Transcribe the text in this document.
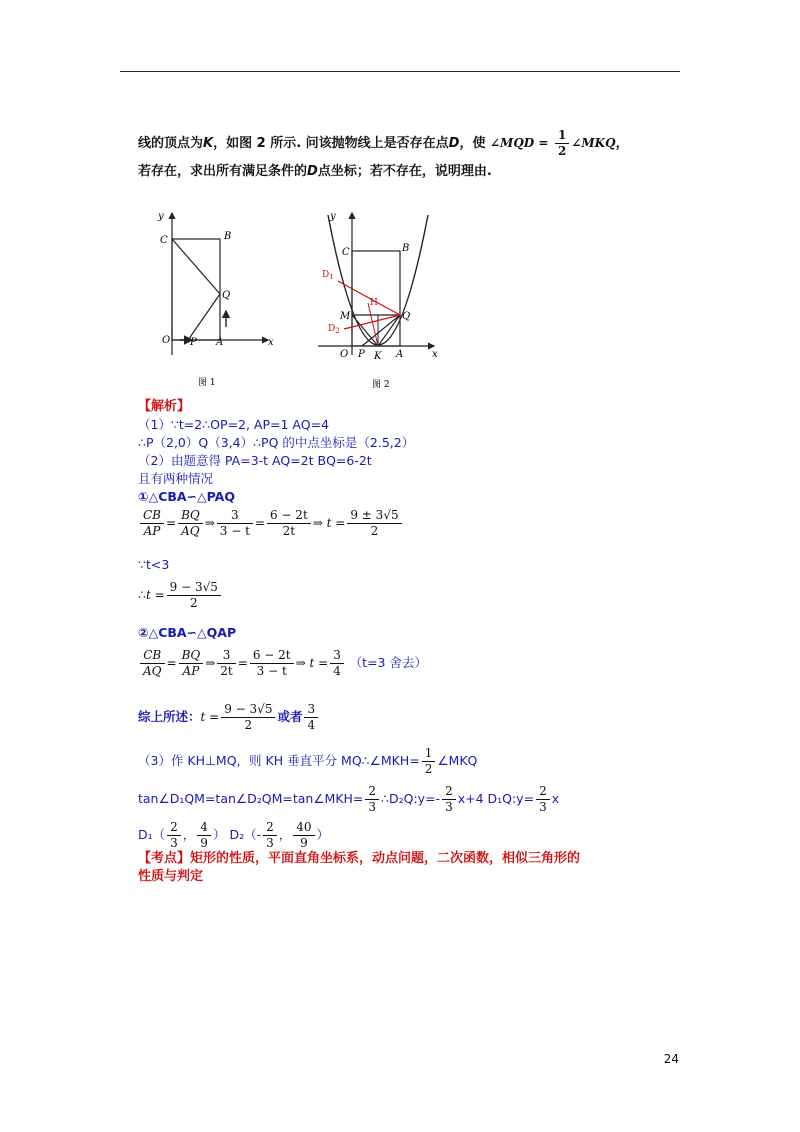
线的顶点为K，如图 2 所示. 问该抛物线上是否存在点D，使 ∠MQD = $\frac{1}{2}$ ∠MKQ，
若存在，求出所有满足条件的D点坐标；若不存在，说明理由.
y
C	B
Q
O P A	x
图 1
y
C	B
$D_1$
H
M	Q
$D_2$
O P K A	x
图 2
【解析】
（1）∵t=2∴OP=2, AP=1 AQ=4
∴P（2,0）Q（3,4）∴PQ 的中点坐标是（2.5,2）
（2）由题意得 PA=3-t AQ=2t BQ=6-2t
且有两种情况
①△CBA∽△PAQ
$\frac{CB}{AP} = \frac{BQ}{AQ}$ ⇒ $\frac{3}{3 - t} = \frac{6 - 2t}{2t}$ ⇒ $t = \frac{9 \pm 3√5}{2}$
∵t<3
∴t = $\frac{9 - 3√5}{2}$
②△CBA∽△QAP
$\frac{CB}{AQ} = \frac{BQ}{AP}$ ⇒ $\frac{3}{2t} = \frac{6 - 2t}{3 - t}$ ⇒ $t = \frac{3}{4} (t=3$ 舍去）
综上所述：$t = \frac{9 - 3√5}{2}$ 或者 $\frac{3}{4}$
（3）作 KH⊥MQ，则 KH 垂直平分 MQ∴∠MKH= $\frac{1}{2}$ ∠MKQ
tan∠D₁QM=tan∠D₂QM=tan∠MKH= $\frac{2}{3}$ ∴D₂Q:y=- $\frac{2}{3} x+4$ D₁Q:y= $\frac{2}{3}$ x
$D_1( \frac{2}{3}$ ， $\frac{4}{9}$ ） $D_2(- \frac{2}{3}$ ， $\frac{40}{9}$ ）
【考点】矩形的性质，平面直角坐标系，动点问题，二次函数，相似三角形的
性质与判定
24
